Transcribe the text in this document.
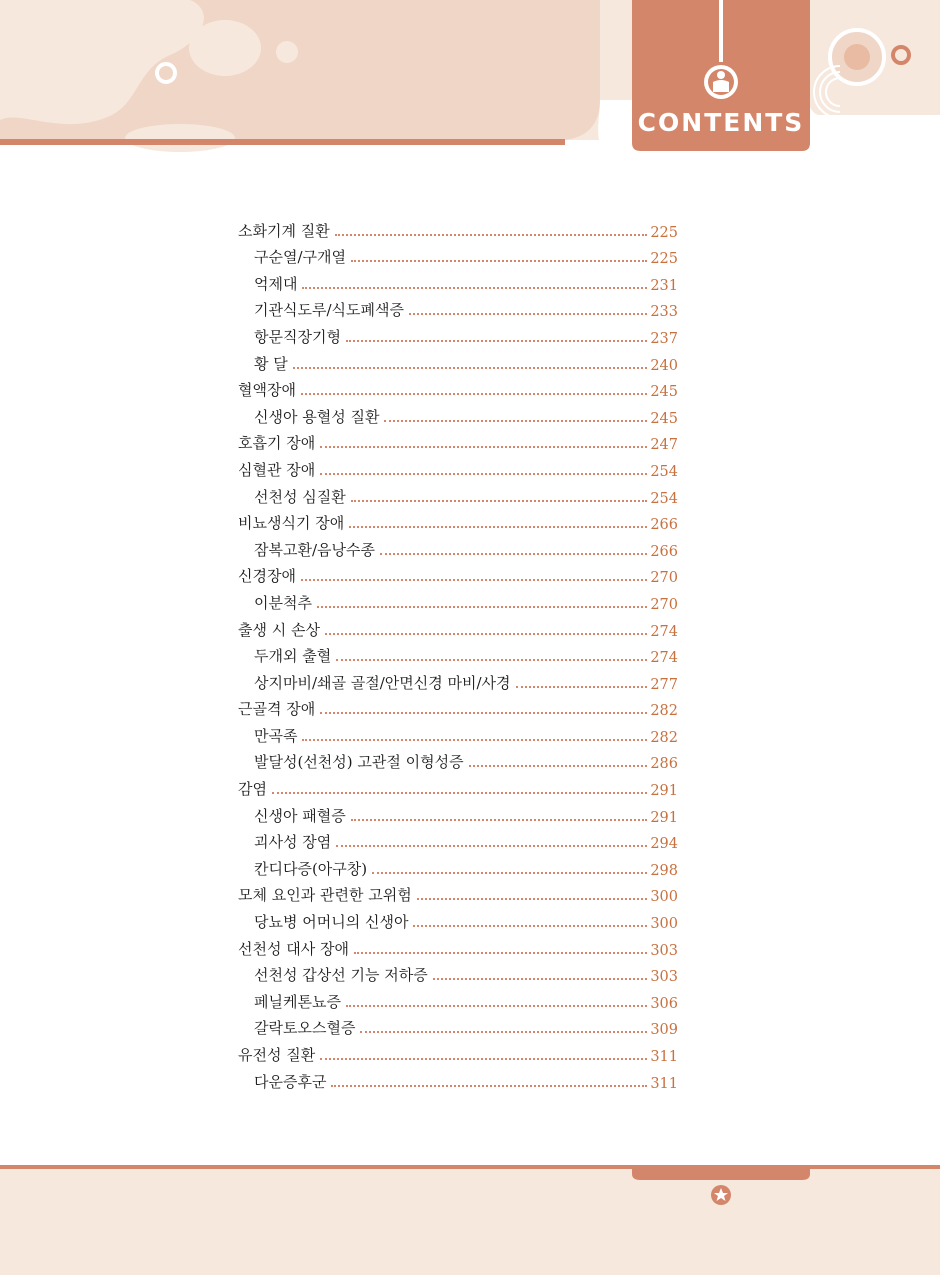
CONTENTS
소화기계 질환	225
구순열/구개열	225
억제대	231
기관식도루/식도폐색증	233
항문직장기형	237
황 달	240
혈액장애	245
신생아 용혈성 질환	245
호흡기 장애	247
심혈관 장애	254
선천성 심질환	254
비뇨생식기 장애	266
잠복고환/음낭수종	266
신경장애	270
이분척추	270
출생 시 손상	274
두개외 출혈	274
상지마비/쇄골 골절/안면신경 마비/사경	277
근골격 장애	282
만곡족	282
발달성(선천성) 고관절 이형성증	286
감염	291
신생아 패혈증	291
괴사성 장염	294
칸디다증(아구창)	298
모체 요인과 관련한 고위험	300
당뇨병 어머니의 신생아	300
선천성 대사 장애	303
선천성 갑상선 기능 저하증	303
페닐케톤뇨증	306
갈락토오스혈증	309
유전성 질환	311
다운증후군	311
